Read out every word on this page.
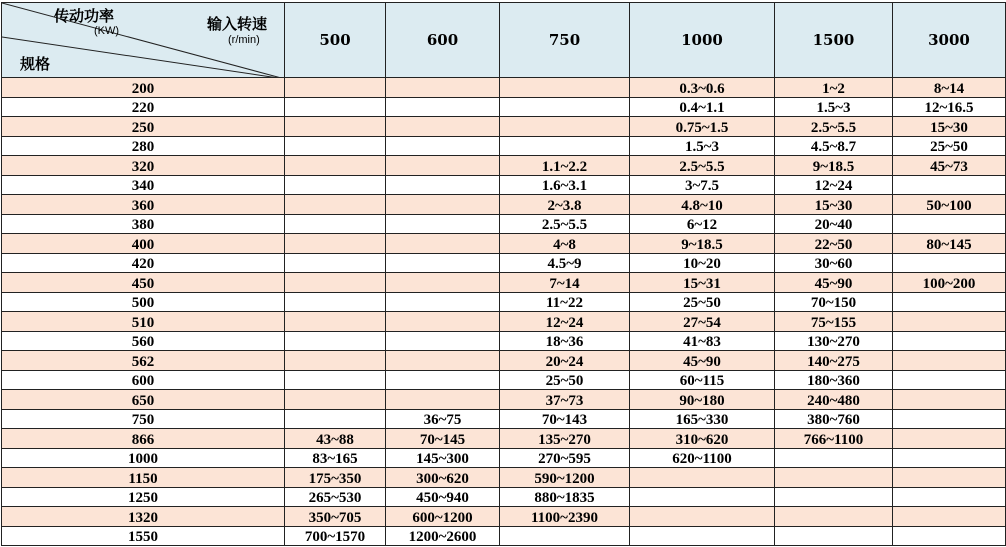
传动功率
(KW) 输入转速
(r/min)
规格	500	600	750	1000	1500	3000
200				0.3~0.6	1~2	8~14
220				0.4~1.1	1.5~3	12~16.5
250				0.75~1.5	2.5~5.5	15~30
280				1.5~3	4.5~8.7	25~50
320			1.1~2.2	2.5~5.5	9~18.5	45~73
340			1.6~3.1	3~7.5	12~24	
360			2~3.8	4.8~10	15~30	50~100
380			2.5~5.5	6~12	20~40	
400			4~8	9~18.5	22~50	80~145
420			4.5~9	10~20	30~60	
450			7~14	15~31	45~90	100~200
500			11~22	25~50	70~150	
510			12~24	27~54	75~155	
560			18~36	41~83	130~270	
562			20~24	45~90	140~275	
600			25~50	60~115	180~360	
650			37~73	90~180	240~480	
750		36~75	70~143	165~330	380~760	
866	43~88	70~145	135~270	310~620	766~1100	
1000	83~165	145~300	270~595	620~1100		
1150	175~350	300~620	590~1200			
1250	265~530	450~940	880~1835			
1320	350~705	600~1200	1100~2390			
1550	700~1570	1200~2600				
